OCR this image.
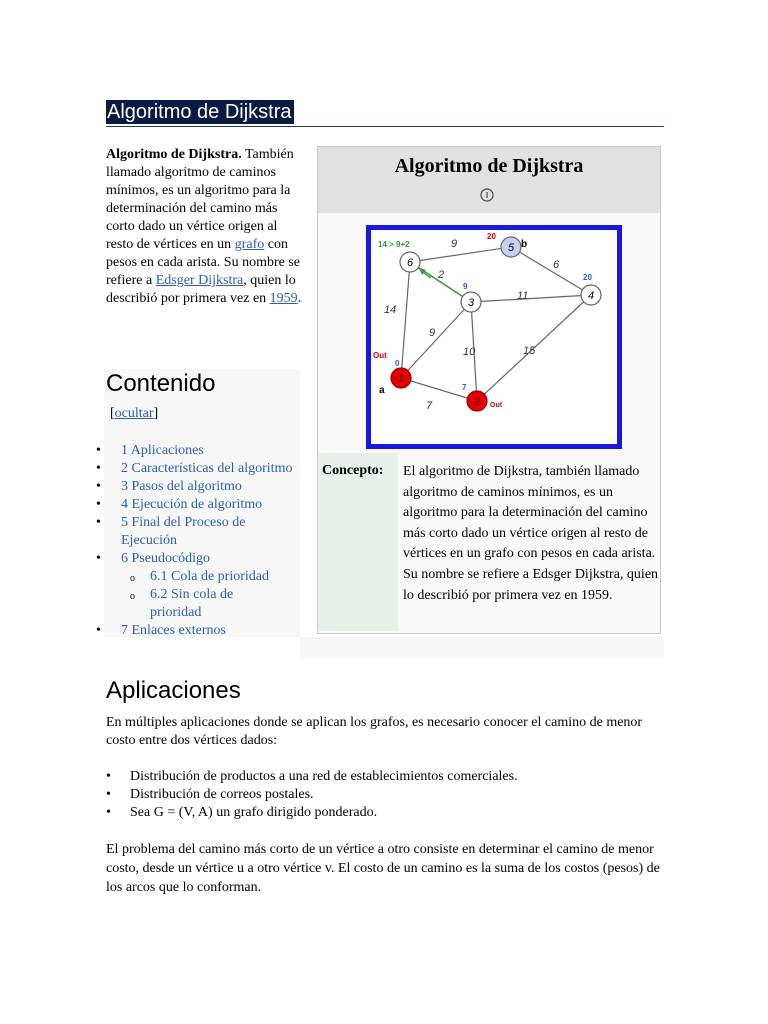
Algoritmo de Dijkstra
Algoritmo de Dijkstra. También llamado algoritmo de caminos mínimos, es un algoritmo para la determinación del camino más corto dado un vértice origen al resto de vértices en un grafo con pesos en cada arista. Su nombre se refiere a Edsger Dijkstra, quien lo describió por primera vez en 1959.
Contenido
[ocultar]
• 1 Aplicaciones
• 2 Características del algoritmo
• 3 Pasos del algoritmo
• 4 Ejecución de algoritmo
• 5 Final del Proceso de Ejecución
• 6 Pseudocódigo
o 6.1 Cola de prioridad
o 6.2 Sin cola de prioridad
• 7 Enlaces externos
Algoritmo de Dijkstra
9
2
6
11
14
9
10	15
7
14 > 9+2
20
b
9
20
0
Out
a	7
Out
6
5
3
4
1
2
Concepto: El algoritmo de Dijkstra, también llamado algoritmo de caminos mínimos, es un algoritmo para la determinación del camino más corto dado un vértice origen al resto de vértices en un grafo con pesos en cada arista. Su nombre se refiere a Edsger Dijkstra, quien lo describió por primera vez en 1959.
Aplicaciones
En múltiples aplicaciones donde se aplican los grafos, es necesario conocer el camino de menor costo entre dos vértices dados:
• Distribución de productos a una red de establecimientos comerciales.
• Distribución de correos postales.
• Sea G = (V, A) un grafo dirigido ponderado.
El problema del camino más corto de un vértice a otro consiste en determinar el camino de menor costo, desde un vértice u a otro vértice v. El costo de un camino es la suma de los costos (pesos) de los arcos que lo conforman.
